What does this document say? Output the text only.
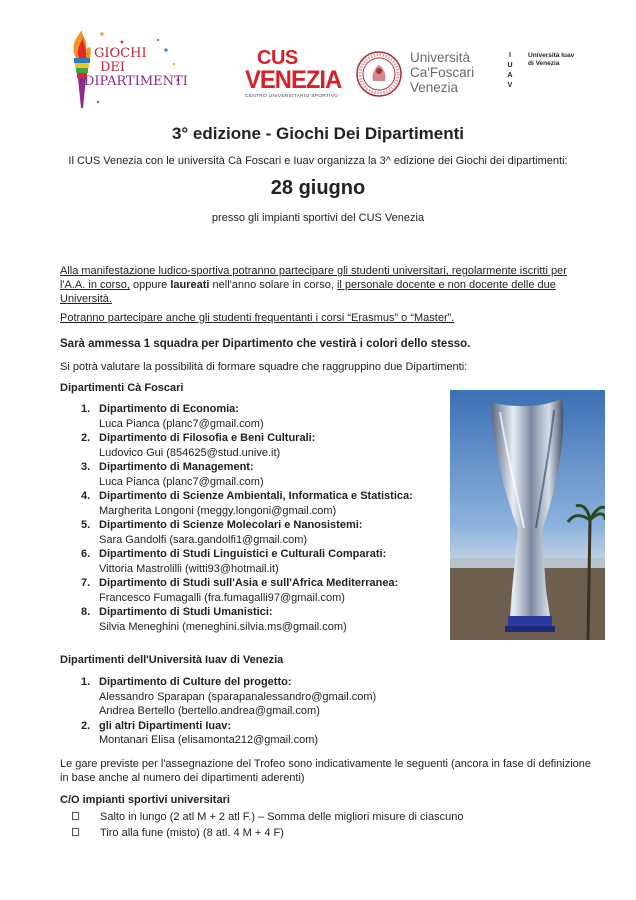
GIOCHI
DEI
DIPARTIMENTI
CUS
VENEZIA
CENTRO UNIVERSITARIO SPORTIVO
Università
Ca'Foscari
Venezia
I
U
A
V
Università Iuav
di Venezia
3° edizione - Giochi Dei Dipartimenti
Il CUS Venezia con le università Cà Foscari e Iuav organizza la 3^ edizione dei Giochi dei dipartimenti:
28 giugno
presso gli impianti sportivi del CUS Venezia
Alla manifestazione ludico-sportiva potranno partecipare gli studenti universitari, regolarmente iscritti per l'A.A. in corso, oppure laureati nell'anno solare in corso, il personale docente e non docente delle due Università.
Potranno partecipare anche gli studenti frequentanti i corsi “Erasmus” o “Master”.
Sarà ammessa 1 squadra per Dipartimento che vestirà i colori dello stesso.
Si potrà valutare la possibilità di formare squadre che raggruppino due Dipartimenti:
Dipartimenti Cà Foscari
1. Dipartimento di Economia:
Luca Pianca (planc7@gmail.com)
2. Dipartimento di Filosofia e Beni Culturali:
Ludovico Gui (854625@stud.unive.it)
3. Dipartimento di Management:
Luca Pianca (planc7@gmail.com)
4. Dipartimento di Scienze Ambientali, Informatica e Statistica:
Margherita Longoni (meggy.longoni@gmail.com)
5. Dipartimento di Scienze Molecolari e Nanosistemi:
Sara Gandolfi (sara.gandolfi1@gmail.com)
6. Dipartimento di Studi Linguistici e Culturali Comparati:
Vittoria Mastrolilli (witti93@hotmail.it)
7. Dipartimento di Studi sull'Asia e sull'Africa Mediterranea:
Francesco Fumagalli (fra.fumagalli97@gmail.com)
8. Dipartimento di Studi Umanistici:
Silvia Meneghini (meneghini.silvia.ms@gmail.com)
Dipartimenti dell'Università Iuav di Venezia
1. Dipartimento di Culture del progetto:
Alessandro Sparapan (sparapanalessandro@gmail.com)
Andrea Bertello (bertello.andrea@gmail.com)
2. gli altri Dipartimenti Iuav:
Montanari Elisa (elisamonta212@gmail.com)
Le gare previste per l'assegnazione del Trofeo sono indicativamente le seguenti (ancora in fase di definizione in base anche al numero dei dipartimenti aderenti)
C/O impianti sportivi universitari
Salto in lungo (2 atl M + 2 atl F.) – Somma delle migliori misure di ciascuno
Tiro alla fune (misto) (8 atl. 4 M + 4 F)
